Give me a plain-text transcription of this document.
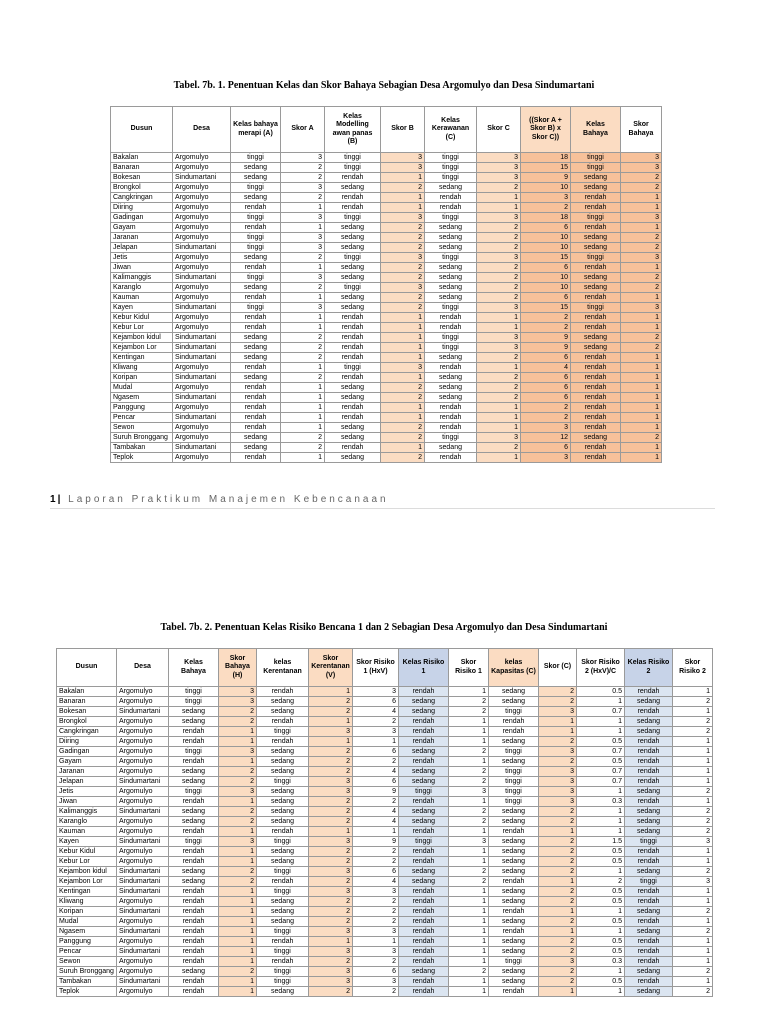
Tabel. 7b. 1. Penentuan Kelas dan Skor Bahaya Sebagian Desa Argomulyo dan Desa Sindumartani
Dusun	Desa	Kelas bahaya merapi (A)	Skor A	Kelas Modelling awan panas (B)	Skor B	Kelas Kerawanan (C)	Skor C	((Skor A + Skor B) x Skor C))	Kelas Bahaya	Skor Bahaya
Bakalan	Argomulyo	tinggi	3	tinggi	3	tinggi	3	18	tinggi	3
Banaran	Argomulyo	sedang	2	tinggi	3	tinggi	3	15	tinggi	3
Bokesan	Sindumartani	sedang	2	rendah	1	tinggi	3	9	sedang	2
Brongkol	Argomulyo	tinggi	3	sedang	2	sedang	2	10	sedang	2
Cangkringan	Argomulyo	sedang	2	rendah	1	rendah	1	3	rendah	1
Diiring	Argomulyo	rendah	1	rendah	1	rendah	1	2	rendah	1
Gadingan	Argomulyo	tinggi	3	tinggi	3	tinggi	3	18	tinggi	3
Gayam	Argomulyo	rendah	1	sedang	2	sedang	2	6	rendah	1
Jaranan	Argomulyo	tinggi	3	sedang	2	sedang	2	10	sedang	2
Jelapan	Sindumartani	tinggi	3	sedang	2	sedang	2	10	sedang	2
Jetis	Argomulyo	sedang	2	tinggi	3	tinggi	3	15	tinggi	3
Jiwan	Argomulyo	rendah	1	sedang	2	sedang	2	6	rendah	1
Kalimanggis	Sindumartani	tinggi	3	sedang	2	sedang	2	10	sedang	2
Karanglo	Argomulyo	sedang	2	tinggi	3	sedang	2	10	sedang	2
Kauman	Argomulyo	rendah	1	sedang	2	sedang	2	6	rendah	1
Kayen	Sindumartani	tinggi	3	sedang	2	tinggi	3	15	tinggi	3
Kebur Kidul	Argomulyo	rendah	1	rendah	1	rendah	1	2	rendah	1
Kebur Lor	Argomulyo	rendah	1	rendah	1	rendah	1	2	rendah	1
Kejambon kidul	Sindumartani	sedang	2	rendah	1	tinggi	3	9	sedang	2
Kejambon Lor	Sindumartani	sedang	2	rendah	1	tinggi	3	9	sedang	2
Kentingan	Sindumartani	sedang	2	rendah	1	sedang	2	6	rendah	1
Kliwang	Argomulyo	rendah	1	tinggi	3	rendah	1	4	rendah	1
Koripan	Sindumartani	sedang	2	rendah	1	sedang	2	6	rendah	1
Mudal	Argomulyo	rendah	1	sedang	2	sedang	2	6	rendah	1
Ngasem	Sindumartani	rendah	1	sedang	2	sedang	2	6	rendah	1
Panggung	Argomulyo	rendah	1	rendah	1	rendah	1	2	rendah	1
Pencar	Sindumartani	rendah	1	rendah	1	rendah	1	2	rendah	1
Sewon	Argomulyo	rendah	1	sedang	2	rendah	1	3	rendah	1
Suruh Bronggang	Argomulyo	sedang	2	sedang	2	tinggi	3	12	sedang	2
Tambakan	Sindumartani	sedang	2	rendah	1	sedang	2	6	rendah	1
Teplok	Argomulyo	rendah	1	sedang	2	rendah	1	3	rendah	1
1 | Laporan Praktikum Manajemen Kebencanaan
Tabel. 7b. 2. Penentuan Kelas Risiko Bencana 1 dan 2 Sebagian Desa Argomulyo dan Desa Sindumartani
Dusun	Desa	Kelas Bahaya	Skor Bahaya (H)	kelas Kerentanan	Skor Kerentanan (V)	Skor Risiko 1 (HxV)	Kelas Risiko 1	Skor Risiko 1	kelas Kapasitas (C)	Skor (C)	Skor Risiko 2 (HxV)/C	Kelas Risiko 2	Skor Risiko 2
Bakalan	Argomulyo	tinggi	3	rendah	1	3	rendah	1	sedang	2	0.5	rendah	1
Banaran	Argomulyo	tinggi	3	sedang	2	6	sedang	2	sedang	2	1	sedang	2
Bokesan	Sindumartani	sedang	2	sedang	2	4	sedang	2	tinggi	3	0.7	rendah	1
Brongkol	Argomulyo	sedang	2	rendah	1	2	rendah	1	rendah	1	1	sedang	2
Cangkringan	Argomulyo	rendah	1	tinggi	3	3	rendah	1	rendah	1	1	sedang	2
Diiring	Argomulyo	rendah	1	rendah	1	1	rendah	1	sedang	2	0.5	rendah	1
Gadingan	Argomulyo	tinggi	3	sedang	2	6	sedang	2	tinggi	3	0.7	rendah	1
Gayam	Argomulyo	rendah	1	sedang	2	2	rendah	1	sedang	2	0.5	rendah	1
Jaranan	Argomulyo	sedang	2	sedang	2	4	sedang	2	tinggi	3	0.7	rendah	1
Jelapan	Sindumartani	sedang	2	tinggi	3	6	sedang	2	tinggi	3	0.7	rendah	1
Jetis	Argomulyo	tinggi	3	sedang	3	9	tinggi	3	tinggi	3	1	sedang	2
Jiwan	Argomulyo	rendah	1	sedang	2	2	rendah	1	tinggi	3	0.3	rendah	1
Kalimanggis	Sindumartani	sedang	2	sedang	2	4	sedang	2	sedang	2	1	sedang	2
Karanglo	Argomulyo	sedang	2	sedang	2	4	sedang	2	sedang	2	1	sedang	2
Kauman	Argomulyo	rendah	1	rendah	1	1	rendah	1	rendah	1	1	sedang	2
Kayen	Sindumartani	tinggi	3	tinggi	3	9	tinggi	3	sedang	2	1.5	tinggi	3
Kebur Kidul	Argomulyo	rendah	1	sedang	2	2	rendah	1	sedang	2	0.5	rendah	1
Kebur Lor	Argomulyo	rendah	1	sedang	2	2	rendah	1	sedang	2	0.5	rendah	1
Kejambon kidul	Sindumartani	sedang	2	tinggi	3	6	sedang	2	sedang	2	1	sedang	2
Kejambon Lor	Sindumartani	sedang	2	rendah	2	4	sedang	2	rendah	1	2	tinggi	3
Kentingan	Sindumartani	rendah	1	tinggi	3	3	rendah	1	sedang	2	0.5	rendah	1
Kliwang	Argomulyo	rendah	1	sedang	2	2	rendah	1	sedang	2	0.5	rendah	1
Koripan	Sindumartani	rendah	1	sedang	2	2	rendah	1	rendah	1	1	sedang	2
Mudal	Argomulyo	rendah	1	sedang	2	2	rendah	1	sedang	2	0.5	rendah	1
Ngasem	Sindumartani	rendah	1	tinggi	3	3	rendah	1	rendah	1	1	sedang	2
Panggung	Argomulyo	rendah	1	rendah	1	1	rendah	1	sedang	2	0.5	rendah	1
Pencar	Sindumartani	rendah	1	tinggi	3	3	rendah	1	sedang	2	0.5	rendah	1
Sewon	Argomulyo	rendah	1	rendah	2	2	rendah	1	tinggi	3	0.3	rendah	1
Suruh Bronggang	Argomulyo	sedang	2	tinggi	3	6	sedang	2	sedang	2	1	sedang	2
Tambakan	Sindumartani	rendah	1	tinggi	3	3	rendah	1	sedang	2	0.5	rendah	1
Teplok	Argomulyo	rendah	1	sedang	2	2	rendah	1	rendah	1	1	sedang	2
